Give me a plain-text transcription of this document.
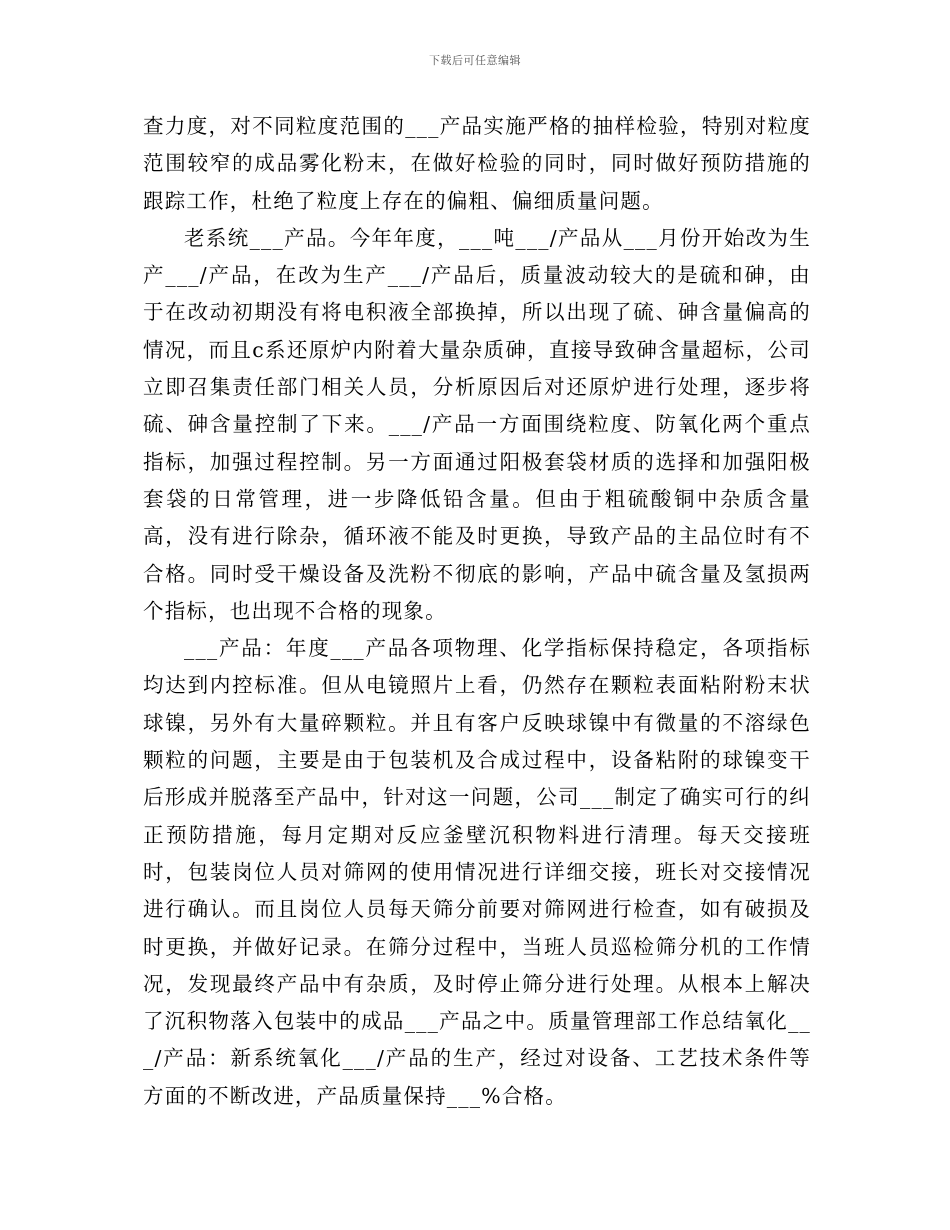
下载后可任意编辑

查力度，对不同粒度范围的___产品实施严格的抽样检验，特别对粒度范围较窄的成品雾化粉末，在做好检验的同时，同时做好预防措施的跟踪工作，杜绝了粒度上存在的偏粗、偏细质量问题。

老系统___产品。今年年度，___吨___/产品从___月份开始改为生产___/产品，在改为生产___/产品后，质量波动较大的是硫和砷，由于在改动初期没有将电积液全部换掉，所以出现了硫、砷含量偏高的情况，而且c系还原炉内附着大量杂质砷，直接导致砷含量超标，公司立即召集责任部门相关人员，分析原因后对还原炉进行处理，逐步将硫、砷含量控制了下来。___/产品一方面围绕粒度、防氧化两个重点指标，加强过程控制。另一方面通过阳极套袋材质的选择和加强阳极套袋的日常管理，进一步降低铅含量。但由于粗硫酸铜中杂质含量高，没有进行除杂，循环液不能及时更换，导致产品的主品位时有不合格。同时受干燥设备及洗粉不彻底的影响，产品中硫含量及氢损两个指标，也出现不合格的现象。

___产品：年度___产品各项物理、化学指标保持稳定，各项指标均达到内控标准。但从电镜照片上看，仍然存在颗粒表面粘附粉末状球镍，另外有大量碎颗粒。并且有客户反映球镍中有微量的不溶绿色颗粒的问题，主要是由于包装机及合成过程中，设备粘附的球镍变干后形成并脱落至产品中，针对这一问题，公司___制定了确实可行的纠正预防措施，每月定期对反应釜壁沉积物料进行清理。每天交接班时，包装岗位人员对筛网的使用情况进行详细交接，班长对交接情况进行确认。而且岗位人员每天筛分前要对筛网进行检查，如有破损及时更换，并做好记录。在筛分过程中，当班人员巡检筛分机的工作情况，发现最终产品中有杂质，及时停止筛分进行处理。从根本上解决了沉积物落入包装中的成品___产品之中。质量管理部工作总结氧化___/产品：新系统氧化___/产品的生产，经过对设备、工艺技术条件等方面的不断改进，产品质量保持___%合格。
